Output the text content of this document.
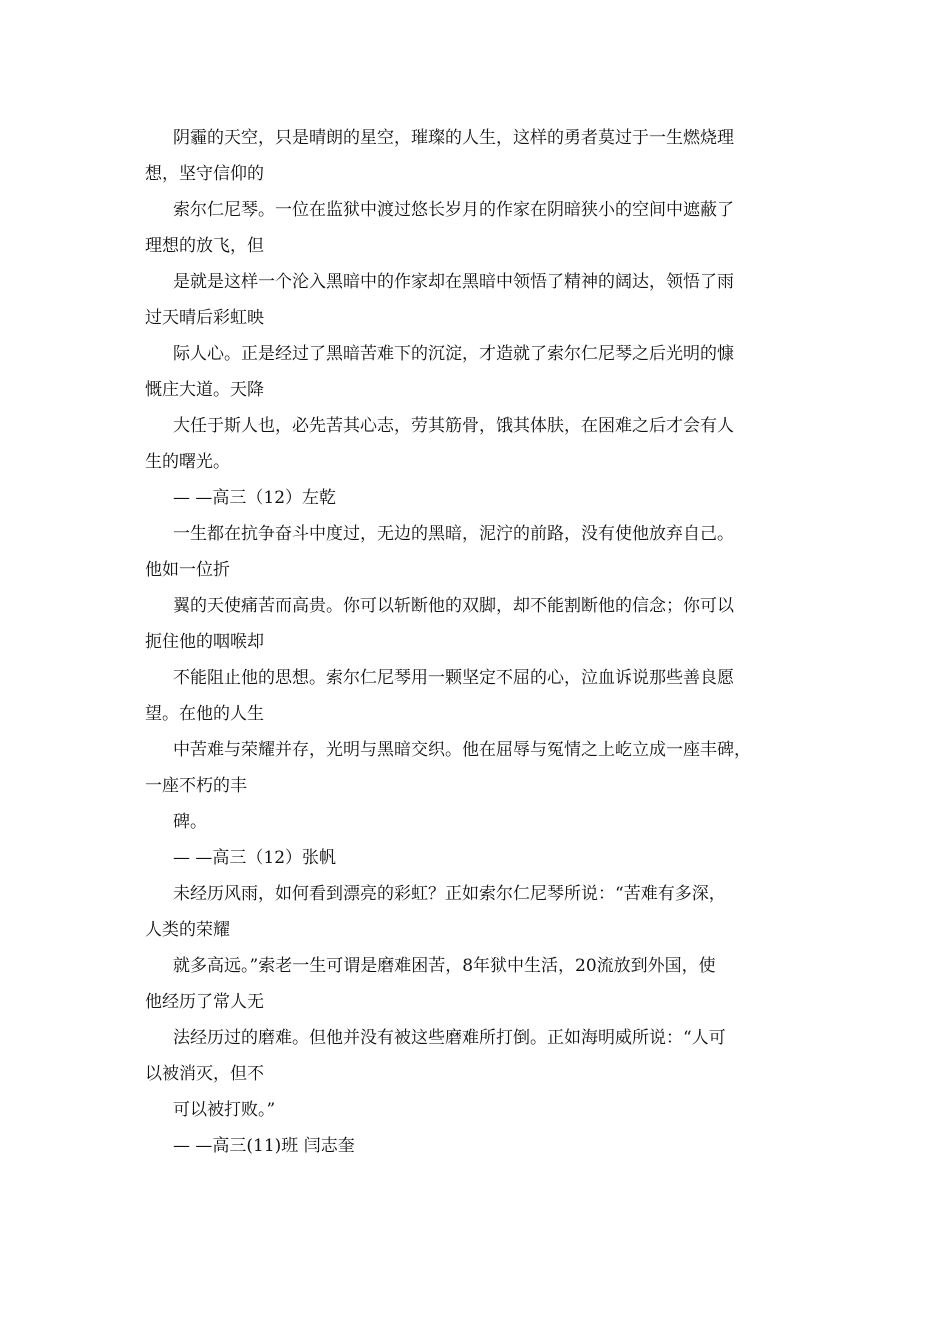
阴霾的天空，只是晴朗的星空，璀璨的人生，这样的勇者莫过于一生燃烧理
想，坚守信仰的
索尔仁尼琴。一位在监狱中渡过悠长岁月的作家在阴暗狭小的空间中遮蔽了
理想的放飞，但
是就是这样一个沦入黑暗中的作家却在黑暗中领悟了精神的阔达，领悟了雨
过天晴后彩虹映
际人心。正是经过了黑暗苦难下的沉淀，才造就了索尔仁尼琴之后光明的慷
慨庄大道。天降
大任于斯人也，必先苦其心志，劳其筋骨，饿其体肤，在困难之后才会有人
生的曙光。
— —高三（12）左乾
一生都在抗争奋斗中度过，无边的黑暗，泥泞的前路，没有使他放弃自己。
他如一位折
翼的天使痛苦而高贵。你可以斩断他的双脚，却不能割断他的信念；你可以
扼住他的咽喉却
不能阻止他的思想。索尔仁尼琴用一颗坚定不屈的心，泣血诉说那些善良愿
望。在他的人生
中苦难与荣耀并存，光明与黑暗交织。他在屈辱与冤情之上屹立成一座丰碑，
一座不朽的丰
碑。
— —高三（12）张帆
未经历风雨，如何看到漂亮的彩虹？正如索尔仁尼琴所说：“苦难有多深，
人类的荣耀
就多高远。”索老一生可谓是磨难困苦，8年狱中生活，20流放到外国，使
他经历了常人无
法经历过的磨难。但他并没有被这些磨难所打倒。正如海明威所说：“人可
以被消灭，但不
可以被打败。”
— —高三(11)班 闫志奎
